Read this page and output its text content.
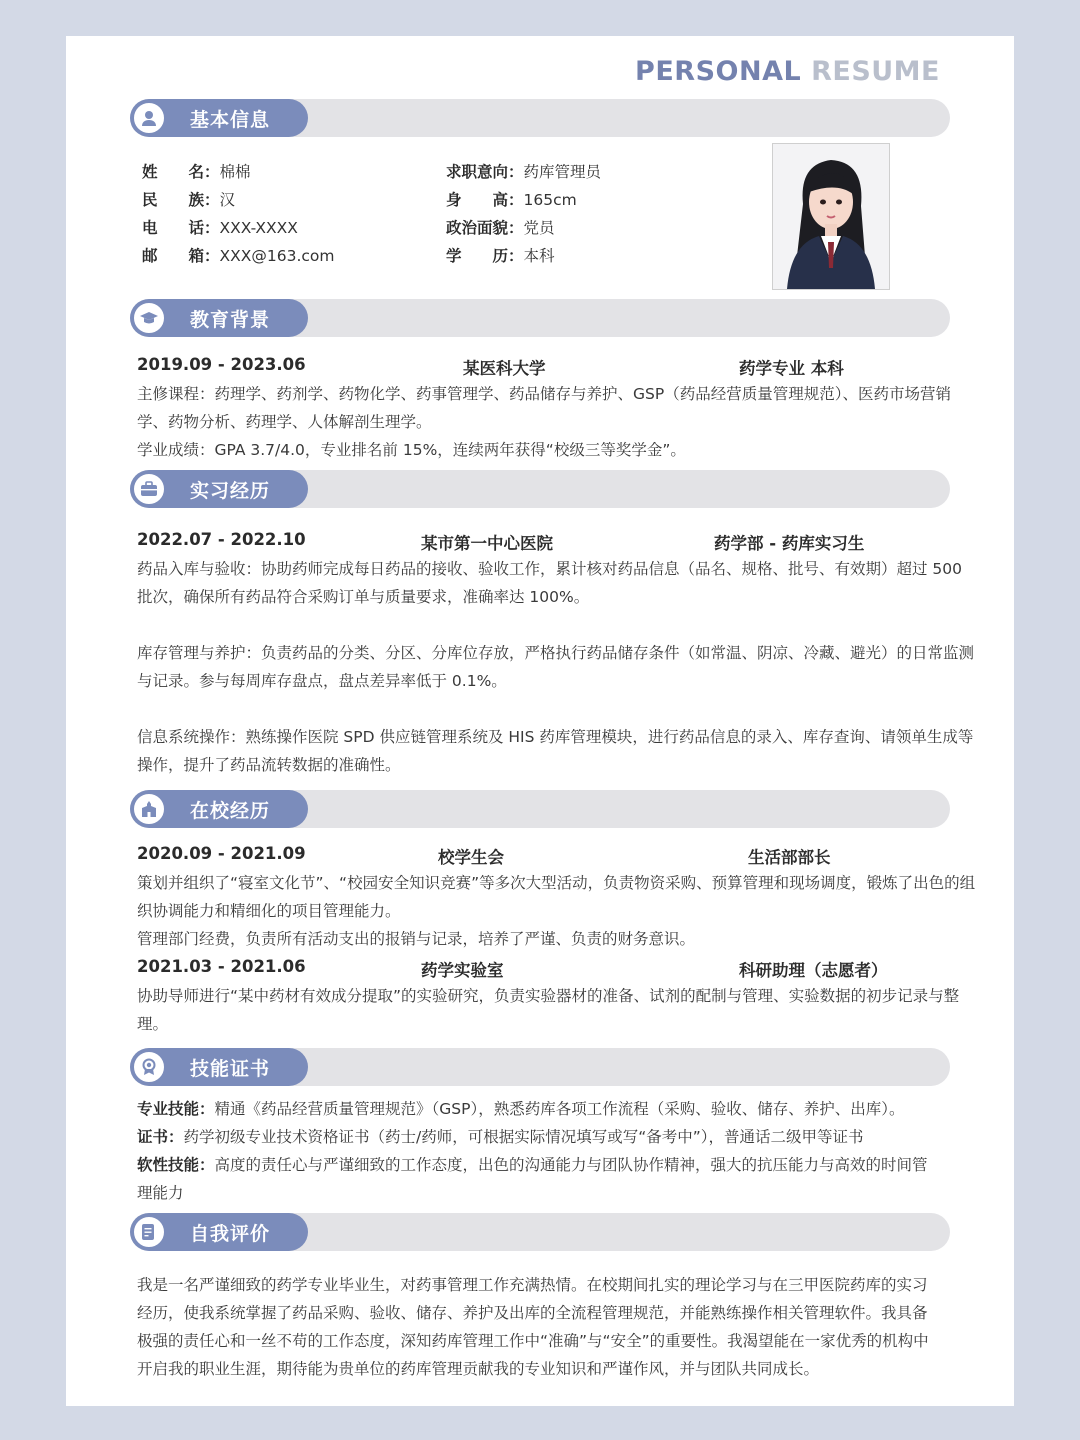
PERSONAL RESUME
基本信息
姓　　名：棉棉
民　　族：汉
电　　话：XXX-XXXX
邮　　箱：XXX@163.com
求职意向：药库管理员
身　　高：165cm
政治面貌：党员
学　　历：本科
教育背景
2019.09 - 2023.06	某医科大学	药学专业 本科
主修课程：药理学、药剂学、药物化学、药事管理学、药品储存与养护、GSP（药品经营质量管理规范）、医药市场营销学、药物分析、药理学、人体解剖生理学。
学业成绩：GPA 3.7/4.0，专业排名前 15%，连续两年获得“校级三等奖学金”。
实习经历
2022.07 - 2022.10	某市第一中心医院	药学部 - 药库实习生
药品入库与验收：协助药师完成每日药品的接收、验收工作，累计核对药品信息（品名、规格、批号、有效期）超过 500 批次，确保所有药品符合采购订单与质量要求，准确率达 100%。
库存管理与养护：负责药品的分类、分区、分库位存放，严格执行药品储存条件（如常温、阴凉、冷藏、避光）的日常监测与记录。参与每周库存盘点，盘点差异率低于 0.1%。
信息系统操作：熟练操作医院 SPD 供应链管理系统及 HIS 药库管理模块，进行药品信息的录入、库存查询、请领单生成等操作，提升了药品流转数据的准确性。
在校经历
2020.09 - 2021.09	校学生会	生活部部长
策划并组织了“寝室文化节”、“校园安全知识竞赛”等多次大型活动，负责物资采购、预算管理和现场调度，锻炼了出色的组织协调能力和精细化的项目管理能力。
管理部门经费，负责所有活动支出的报销与记录，培养了严谨、负责的财务意识。
2021.03 - 2021.06	药学实验室	科研助理（志愿者）
协助导师进行“某中药材有效成分提取”的实验研究，负责实验器材的准备、试剂的配制与管理、实验数据的初步记录与整理。
技能证书
专业技能：精通《药品经营质量管理规范》（GSP），熟悉药库各项工作流程（采购、验收、储存、养护、出库）。
证书：药学初级专业技术资格证书（药士/药师，可根据实际情况填写或写“备考中”），普通话二级甲等证书
软性技能：高度的责任心与严谨细致的工作态度，出色的沟通能力与团队协作精神，强大的抗压能力与高效的时间管理能力
自我评价
我是一名严谨细致的药学专业毕业生，对药事管理工作充满热情。在校期间扎实的理论学习与在三甲医院药库的实习经历，使我系统掌握了药品采购、验收、储存、养护及出库的全流程管理规范，并能熟练操作相关管理软件。我具备极强的责任心和一丝不苟的工作态度，深知药库管理工作中“准确”与“安全”的重要性。我渴望能在一家优秀的机构中开启我的职业生涯，期待能为贵单位的药库管理贡献我的专业知识和严谨作风，并与团队共同成长。
